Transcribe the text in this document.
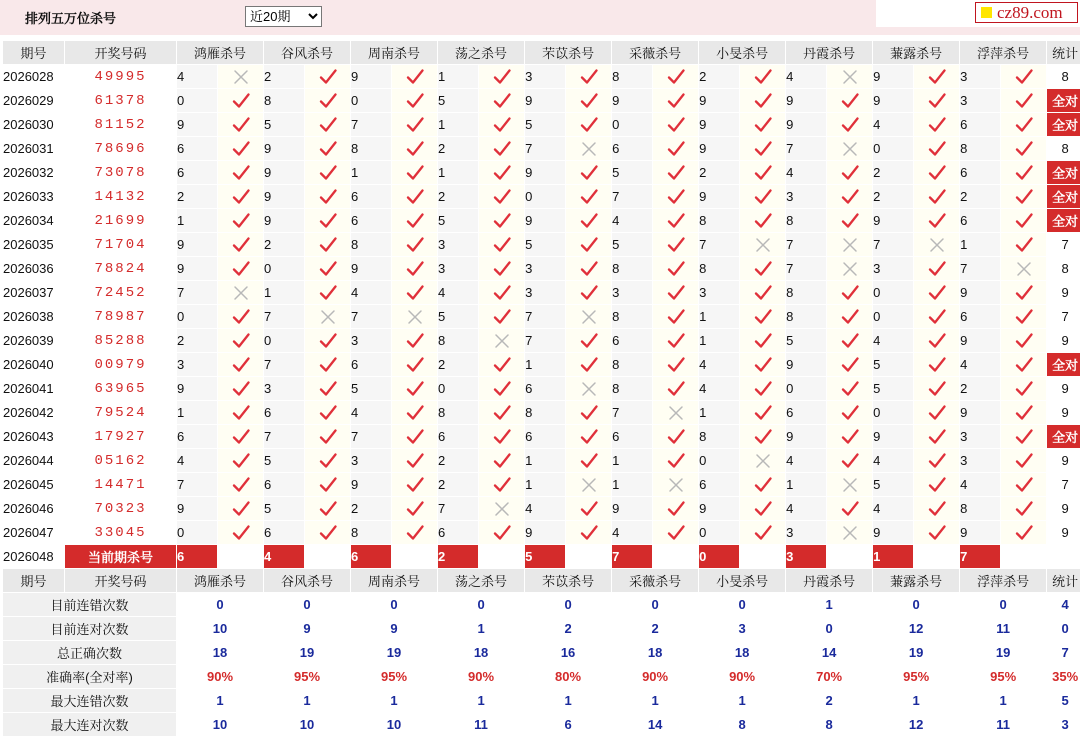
排列五万位杀号
近20期	cz89.com
期号	开奖号码	鸿雁杀号		谷风杀号		周南杀号		荡之杀号		芣苡杀号		采薇杀号		小旻杀号		丹霞杀号		蒹露杀号		浮萍杀号		统计
2026028	49995	4		2		9		1		3		8		2		4		9		3		8
2026029	61378	0		8		0		5		9		9		9		9		9		3		全对
2026030	81152	9		5		7		1		5		0		9		9		4		6		全对
2026031	78696	6		9		8		2		7		6		9		7		0		8		8
2026032	73078	6		9		1		1		9		5		2		4		2		6		全对
2026033	14132	2		9		6		2		0		7		9		3		2		2		全对
2026034	21699	1		9		6		5		9		4		8		8		9		6		全对
2026035	71704	9		2		8		3		5		5		7		7		7		1		7
2026036	78824	9		0		9		3		3		8		8		7		3		7		8
2026037	72452	7		1		4		4		3		3		3		8		0		9		9
2026038	78987	0		7		7		5		7		8		1		8		0		6		7
2026039	85288	2		0		3		8		7		6		1		5		4		9		9
2026040	00979	3		7		6		2		1		8		4		9		5		4		全对
2026041	63965	9		3		5		0		6		8		4		0		5		2		9
2026042	79524	1		6		4		8		8		7		1		6		0		9		9
2026043	17927	6		7		7		6		6		6		8		9		9		3		全对
2026044	05162	4		5		3		2		1		1		0		4		4		3		9
2026045	14471	7		6		9		2		1		1		6		1		5		4		7
2026046	70323	9		5		2		7		4		9		9		4		4		8		9
2026047	33045	0		6		8		6		9		4		0		3		9		9		9
2026048	当前期杀号	6		4		6		2		5		7		0		3		1		7		
期号	开奖号码	鸿雁杀号		谷风杀号		周南杀号		荡之杀号		芣苡杀号		采薇杀号		小旻杀号		丹霞杀号		蒹露杀号		浮萍杀号		统计
目前连错次数		0		0		0		0		0		0		0		1		0		0		4
目前连对次数		10		9		9		1		2		2		3		0		12		11		0
总正确次数		18		19		19		18		16		18		18		14		19		19		7
准确率(全对率)		90%		95%		95%		90%		80%		90%		90%		70%		95%		95%		35%
最大连错次数		1		1		1		1		1		1		1		2		1		1		5
最大连对次数		10		10		10		11		6		14		8		8		12		11		3
